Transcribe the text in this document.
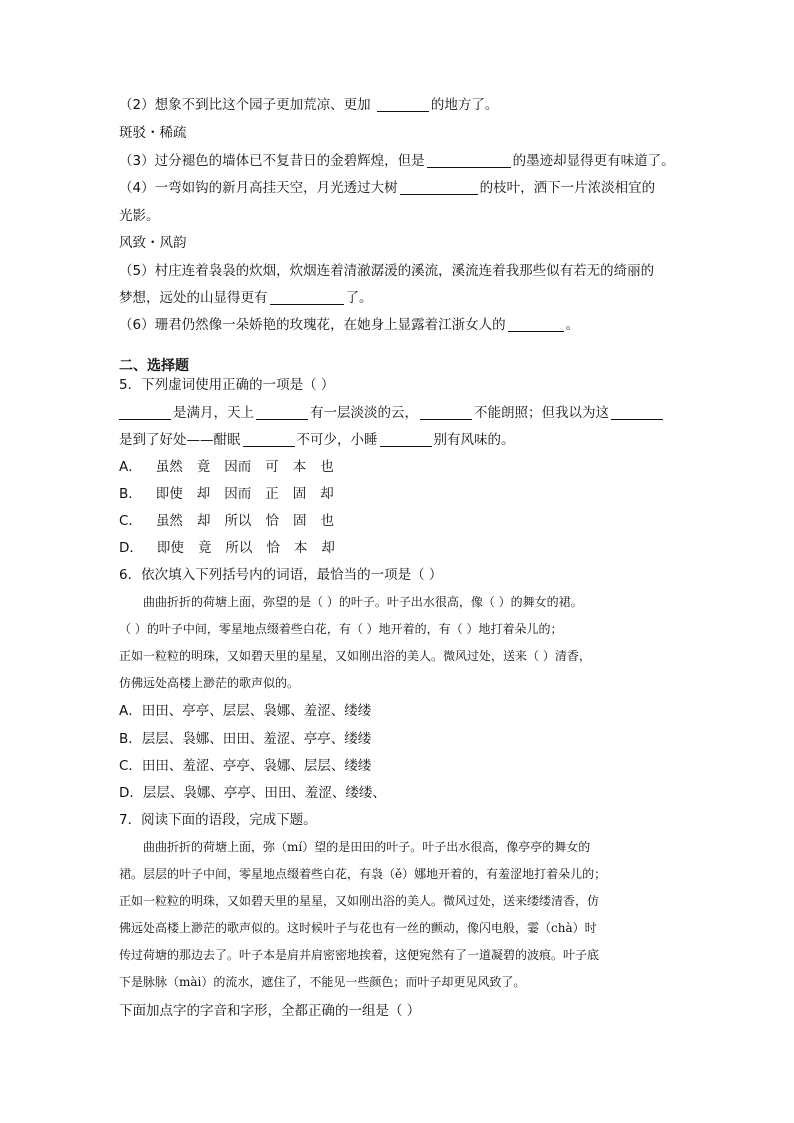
（2）想象不到比这个园子更加荒凉、更加	的地方了。
斑驳・稀疏
（3）过分褪色的墙体已不复昔日的金碧辉煌，但是	的墨迹却显得更有味道了。
（4）一弯如钩的新月高挂天空，月光透过大树	的枝叶，洒下一片浓淡相宜的
光影。
风致・风韵
（5）村庄连着袅袅的炊烟，炊烟连着清澈潺湲的溪流，溪流连着我那些似有若无的绮丽的
梦想，远处的山显得更有	了。
（6）珊君仍然像一朵娇艳的玫瑰花，在她身上显露着江浙女人的	。
二、选择题
5．下列虚词使用正确的一项是（ ）
是满月，天上	有一层淡淡的云，	不能朗照；但我以为这
是到了好处——酣眠	不可少，小睡	别有风味的。
A． 虽然 竟 因而 可 本 也
B． 即使 却 因而 正 固 却
C． 虽然 却 所以 恰 固 也
D． 即使 竟 所以 恰 本 却
6．依次填入下列括号内的词语，最恰当的一项是（ ）
　　曲曲折折的荷塘上面，弥望的是（ ）的叶子。叶子出水很高，像（ ）的舞女的裙。
（ ）的叶子中间，零星地点缀着些白花，有（ ）地开着的，有（ ）地打着朵儿的；
正如一粒粒的明珠，又如碧天里的星星，又如刚出浴的美人。微风过处，送来（ ）清香，
仿佛远处高楼上渺茫的歌声似的。
A．田田、亭亭、层层、袅娜、羞涩、缕缕
B．层层、袅娜、田田、羞涩、亭亭、缕缕
C．田田、羞涩、亭亭、袅娜、层层、缕缕
D．层层、袅娜、亭亭、田田、羞涩、缕缕、
7．阅读下面的语段，完成下题。
　　曲曲折折的荷塘上面，弥（mí）望的是田田的叶子。叶子出水很高，像亭亭的舞女的
裙。层层的叶子中间，零星地点缀着些白花，有袅（ě）娜地开着的，有羞涩地打着朵儿的；
正如一粒粒的明珠，又如碧天里的星星，又如刚出浴的美人。微风过处，送来缕缕清香，仿
佛远处高楼上渺茫的歌声似的。这时候叶子与花也有一丝的颤动，像闪电般，霎（chà）时
传过荷塘的那边去了。叶子本是肩并肩密密地挨着，这便宛然有了一道凝碧的波痕。叶子底
下是脉脉（mài）的流水，遮住了，不能见一些颜色；而叶子却更见风致了。
下面加点字的字音和字形，全都正确的一组是（ ）
